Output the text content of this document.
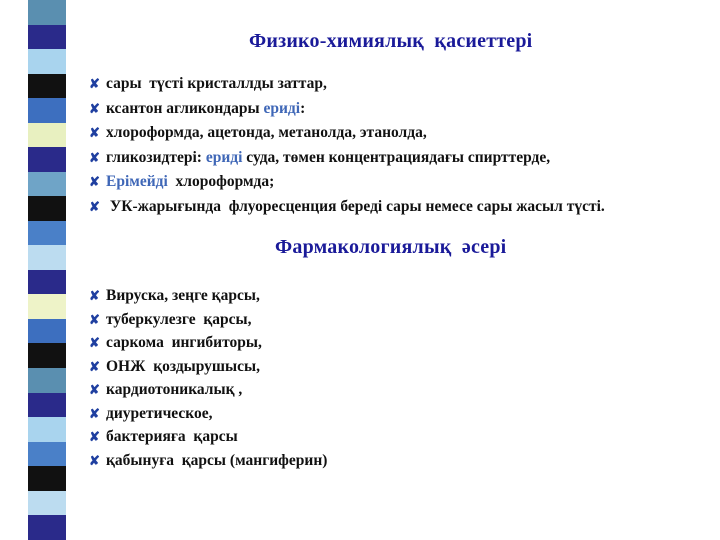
Физико-химиялық  қасиеттері
✘ сары  түсті кристаллды заттар,
✘ ксантон агликондары ериді:
✘ хлороформда, ацетонда, метанолда, этанолда,
✘ гликозидтері: ериді суда, төмен концентрациядағы спирттерде,
✘ Ерімейді  хлороформда;
✘ УК-жарығында  флуоресценция береді сары немесе сары жасыл түсті.
Фармакологиялық  әсері
✘ Вируска, зеңге қарсы,
✘ туберкулезге  қарсы,
✘ саркома  ингибиторы,
✘ ОНЖ  қоздырушысы,
✘ кардиотоникалық ,
✘ диуретическое,
✘ бактерияға  қарсы
✘ қабынуға  қарсы (мангиферин)
